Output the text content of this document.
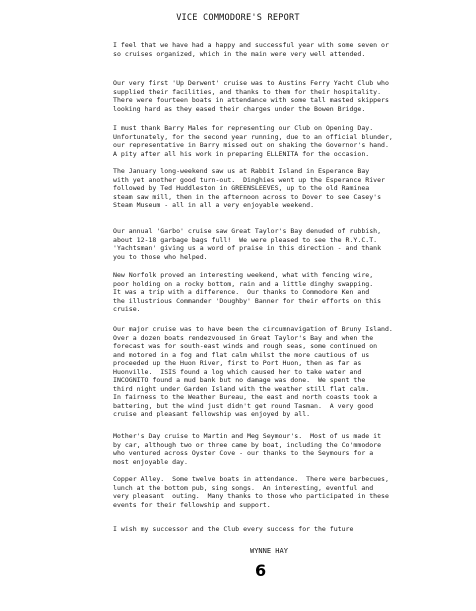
VICE COMMODORE'S REPORT

I feel that we have had a happy and successful year with some seven or
so cruises organized, which in the main were very well attended.

Our very first 'Up Derwent' cruise was to Austins Ferry Yacht Club who
supplied their facilities, and thanks to them for their hospitality.
There were fourteen boats in attendance with some tall masted skippers
looking hard as they eased their charges under the Bowen Bridge.

I must thank Barry Males for representing our Club on Opening Day.
Unfortunately, for the second year running, due to an official blunder,
our representative in Barry missed out on shaking the Governor's hand.
A pity after all his work in preparing ELLENITA for the occasion.

The January long-weekend saw us at Rabbit Island in Esperance Bay
with yet another good turn-out.  Dinghies went up the Esperance River
followed by Ted Huddleston in GREENSLEEVES, up to the old Raminea
steam saw mill, then in the afternoon across to Dover to see Casey's
Steam Museum - all in all a very enjoyable weekend.

Our annual 'Garbo' cruise saw Great Taylor's Bay denuded of rubbish,
about 12-18 garbage bags full!  We were pleased to see the R.Y.C.T.
'Yachtsman' giving us a word of praise in this direction - and thank
you to those who helped.

New Norfolk proved an interesting weekend, what with fencing wire,
poor holding on a rocky bottom, rain and a little dinghy swapping.
It was a trip with a difference.  Our thanks to Commodore Ken and
the illustrious Commander 'Doughby' Banner for their efforts on this
cruise.

Our major cruise was to have been the circumnavigation of Bruny Island.
Over a dozen boats rendezvoused in Great Taylor's Bay and when the
forecast was for south-east winds and rough seas, some continued on
and motored in a fog and flat calm whilst the more cautious of us
proceeded up the Huon River, first to Port Huon, then as far as
Huonville.  ISIS found a log which caused her to take water and
INCOGNITO found a mud bank but no damage was done.  We spent the
third night under Garden Island with the weather still flat calm.
In fairness to the Weather Bureau, the east and north coasts took a
battering, but the wind just didn't get round Tasman.  A very good
cruise and pleasant fellowship was enjoyed by all.

Mother's Day cruise to Martin and Meg Seymour's.  Most of us made it
by car, although two or three came by boat, including the Co'mmodore
who ventured across Oyster Cove - our thanks to the Seymours for a
most enjoyable day.

Copper Alley.  Some twelve boats in attendance.  There were barbecues,
lunch at the bottom pub, sing songs.  An interesting, eventful and
very pleasant  outing.  Many thanks to those who participated in these
events for their fellowship and support.

I wish my successor and the Club every success for the future

WYNNE HAY
6
